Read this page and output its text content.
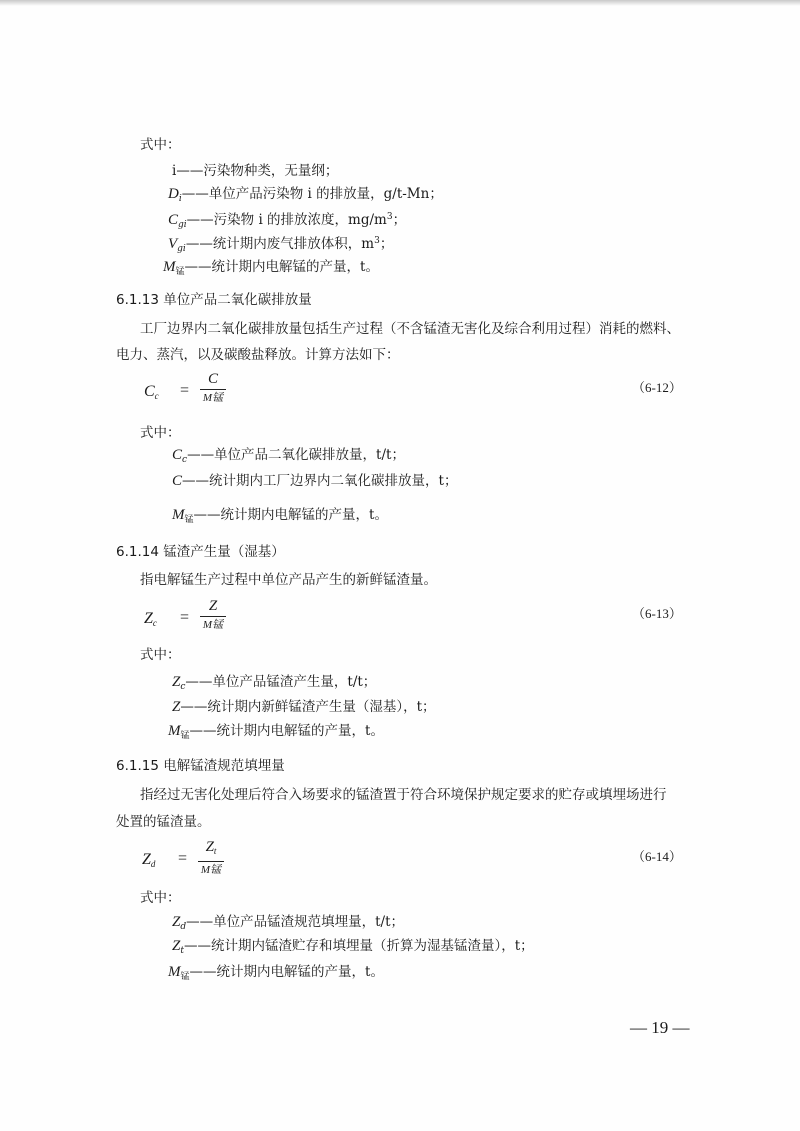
式中：
i——污染物种类，无量纲；
$D_i——$单位产品污染物 i 的排放量，g/t-Mn；
$C_{gi}——$污染物 i 的排放浓度，$mg/m^3$；
$V_{gi}——$统计期内废气排放体积，$m^3$；
$M_锰——$统计期内电解锰的产量，t。
6.1.13 单位产品二氧化碳排放量
工厂边界内二氧化碳排放量包括生产过程（不含锰渣无害化及综合利用过程）消耗的燃料、
电力、蒸汽，以及碳酸盐释放。计算方法如下：
$C_c$ =
C
M锰
（6-12）
式中：
$C_c——$单位产品二氧化碳排放量，t/t；
C——统计期内工厂边界内二氧化碳排放量，t；
$M_锰——$统计期内电解锰的产量，t。
6.1.14 锰渣产生量（湿基）
指电解锰生产过程中单位产品产生的新鲜锰渣量。
$Z_c$ =
Z
M锰
（6-13）
式中：
$Z_c——$单位产品锰渣产生量，t/t；
Z——统计期内新鲜锰渣产生量（湿基），t；
$M_锰——$统计期内电解锰的产量，t。
6.1.15 电解锰渣规范填埋量
指经过无害化处理后符合入场要求的锰渣置于符合环境保护规定要求的贮存或填埋场进行
处置的锰渣量。
$Z_d$ =
$Z_t$
M锰
（6-14）
式中：
$Z_d——$单位产品锰渣规范填埋量，t/t；
$Z_t——$统计期内锰渣贮存和填埋量（折算为湿基锰渣量），t；
$M_锰——$统计期内电解锰的产量，t。
— 19 —
